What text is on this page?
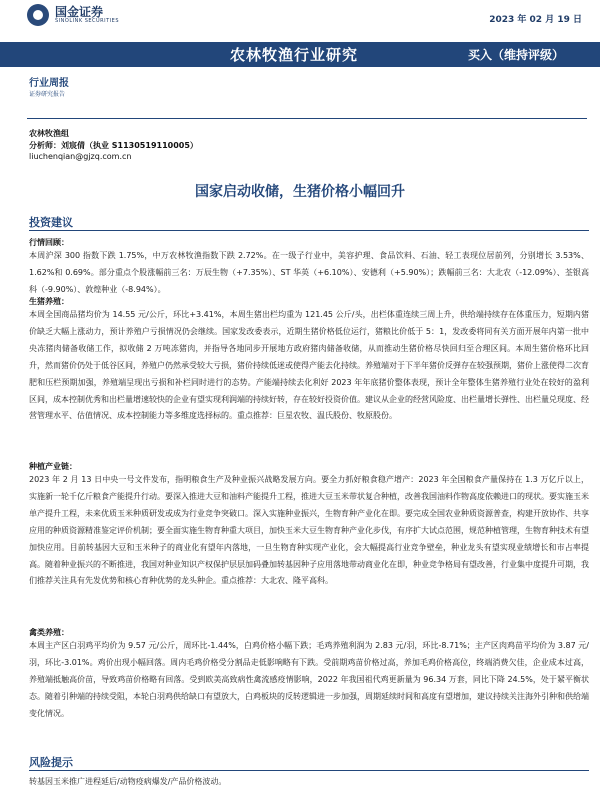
国金证券
SINOLINK SECURITIES	2023 年 02 月 19 日
农林牧渔行业研究	买入（维持评级）
行业周报
证券研究报告
农林牧渔组
分析师：刘宸倩（执业 S1130519110005）
liuchenqian@gjzq.com.cn
国家启动收储，生猪价格小幅回升
投资建议
行情回顾：
本周沪深 300 指数下跌 1.75%，中万农林牧渔指数下跌 2.72%。在一级子行业中，美容护理、食品饮料、石油、轻工表现位居前列，分别增长 3.53%、1.62%和 0.69%。部分重点个股涨幅前三名：万辰生物（+7.35%）、ST 华英（+6.10%）、安德利（+5.90%）；跌幅前三名：大北农（-12.09%）、荃银高科（-9.90%）、敦煌种业（-8.94%）。
生猪养殖：
本周全国商品猪均价为 14.55 元/公斤，环比+3.41%，本周生猪出栏均重为 121.45 公斤/头，出栏体重连续三周上升，供给端持续存在体重压力，短期内猪价缺乏大幅上涨动力，预计养殖户亏损情况仍会继续。国家发改委表示，近期生猪价格低位运行，猪粮比价低于 5：1，发改委将同有关方面开展年内第一批中央冻猪肉储备收储工作，拟收储 2 万吨冻猪肉，并指导各地同步开展地方政府猪肉储备收储，从而推动生猪价格尽快回归至合理区间。本周生猪价格环比回升，然而猪价仍处于低谷区间，养殖户仍然承受较大亏损，猪价持续低迷或使得产能去化持续。养殖端对于下半年猪价反弹存在较强预期，猪价上涨使得二次育肥和压栏预期加强，养殖端呈现出亏损和补栏同时进行的态势。产能端持续去化利好 2023 年年底猪价整体表现，预计全年整体生猪养殖行业处在较好的盈利区间，成本控制优秀和出栏量增速较快的企业有望实现利润端的持续好转，存在较好投资价值。建议从企业的经营风险度、出栏量增长弹性、出栏量兑现度、经营管理水平、估值情况、成本控制能力等多维度选择标的。重点推荐：巨星农牧、温氏股份、牧原股份。
种植产业链：
2023 年 2 月 13 日中央一号文件发布，指明粮食生产及种业振兴战略发展方向。要全力抓好粮食稳产增产：2023 年全国粮食产量保持在 1.3 万亿斤以上，实施新一轮千亿斤粮食产能提升行动。要深入推进大豆和油料产能提升工程，推进大豆玉米带状复合种植，改善我国油料作物高度依赖进口的现状。要实施玉米单产提升工程，未来优质玉米种质研发或成为行业竞争突破口。深入实施种业振兴，生物育种产业化在即。要完成全国农业种质资源普查，构建开放协作、共享应用的种质资源精准鉴定评价机制；要全面实施生物育种重大项目，加快玉米大豆生物育种产业化步伐，有序扩大试点范围，规范种植管理，生物育种技术有望加快应用。目前转基因大豆和玉米种子的商业化有望年内落地，一旦生物育种实现产业化，会大幅提高行业竞争壁垒，种业龙头有望实现业绩增长和市占率提高。随着种业振兴的不断推进，我国对种业知识产权保护层层加码叠加转基因种子应用落地带动商业化在即，种业竞争格局有望改善，行业集中度提升可期，我们推荐关注具有先发优势和核心育种优势的龙头种企。重点推荐：大北农、隆平高科。
禽类养殖：
本周主产区白羽鸡平均价为 9.57 元/公斤，周环比-1.44%，白鸡价格小幅下跌；毛鸡养殖利润为 2.83 元/羽，环比-8.71%；主产区肉鸡苗平均价为 3.87 元/羽，环比-3.01%。鸡价出现小幅回落。周内毛鸡价格受分割品走低影响略有下跌。受前期鸡苗价格过高，养加毛鸡价格高位，终端消费欠佳，企业成本过高，养殖端抵触高价苗，导致鸡苗价格略有回落。受到欧美高致病性禽流感疫情影响，2022 年我国祖代鸡更新量为 96.34 万套，同比下降 24.5%，处于紧平衡状态。随着引种端的持续受阻，本轮白羽鸡供给缺口有望放大，白鸡板块的反转逻辑进一步加强，周期延续时间和高度有望增加，建议持续关注海外引种和供给端变化情况。
风险提示
转基因玉米推广进程延后/动物疫病爆发/产品价格波动。
